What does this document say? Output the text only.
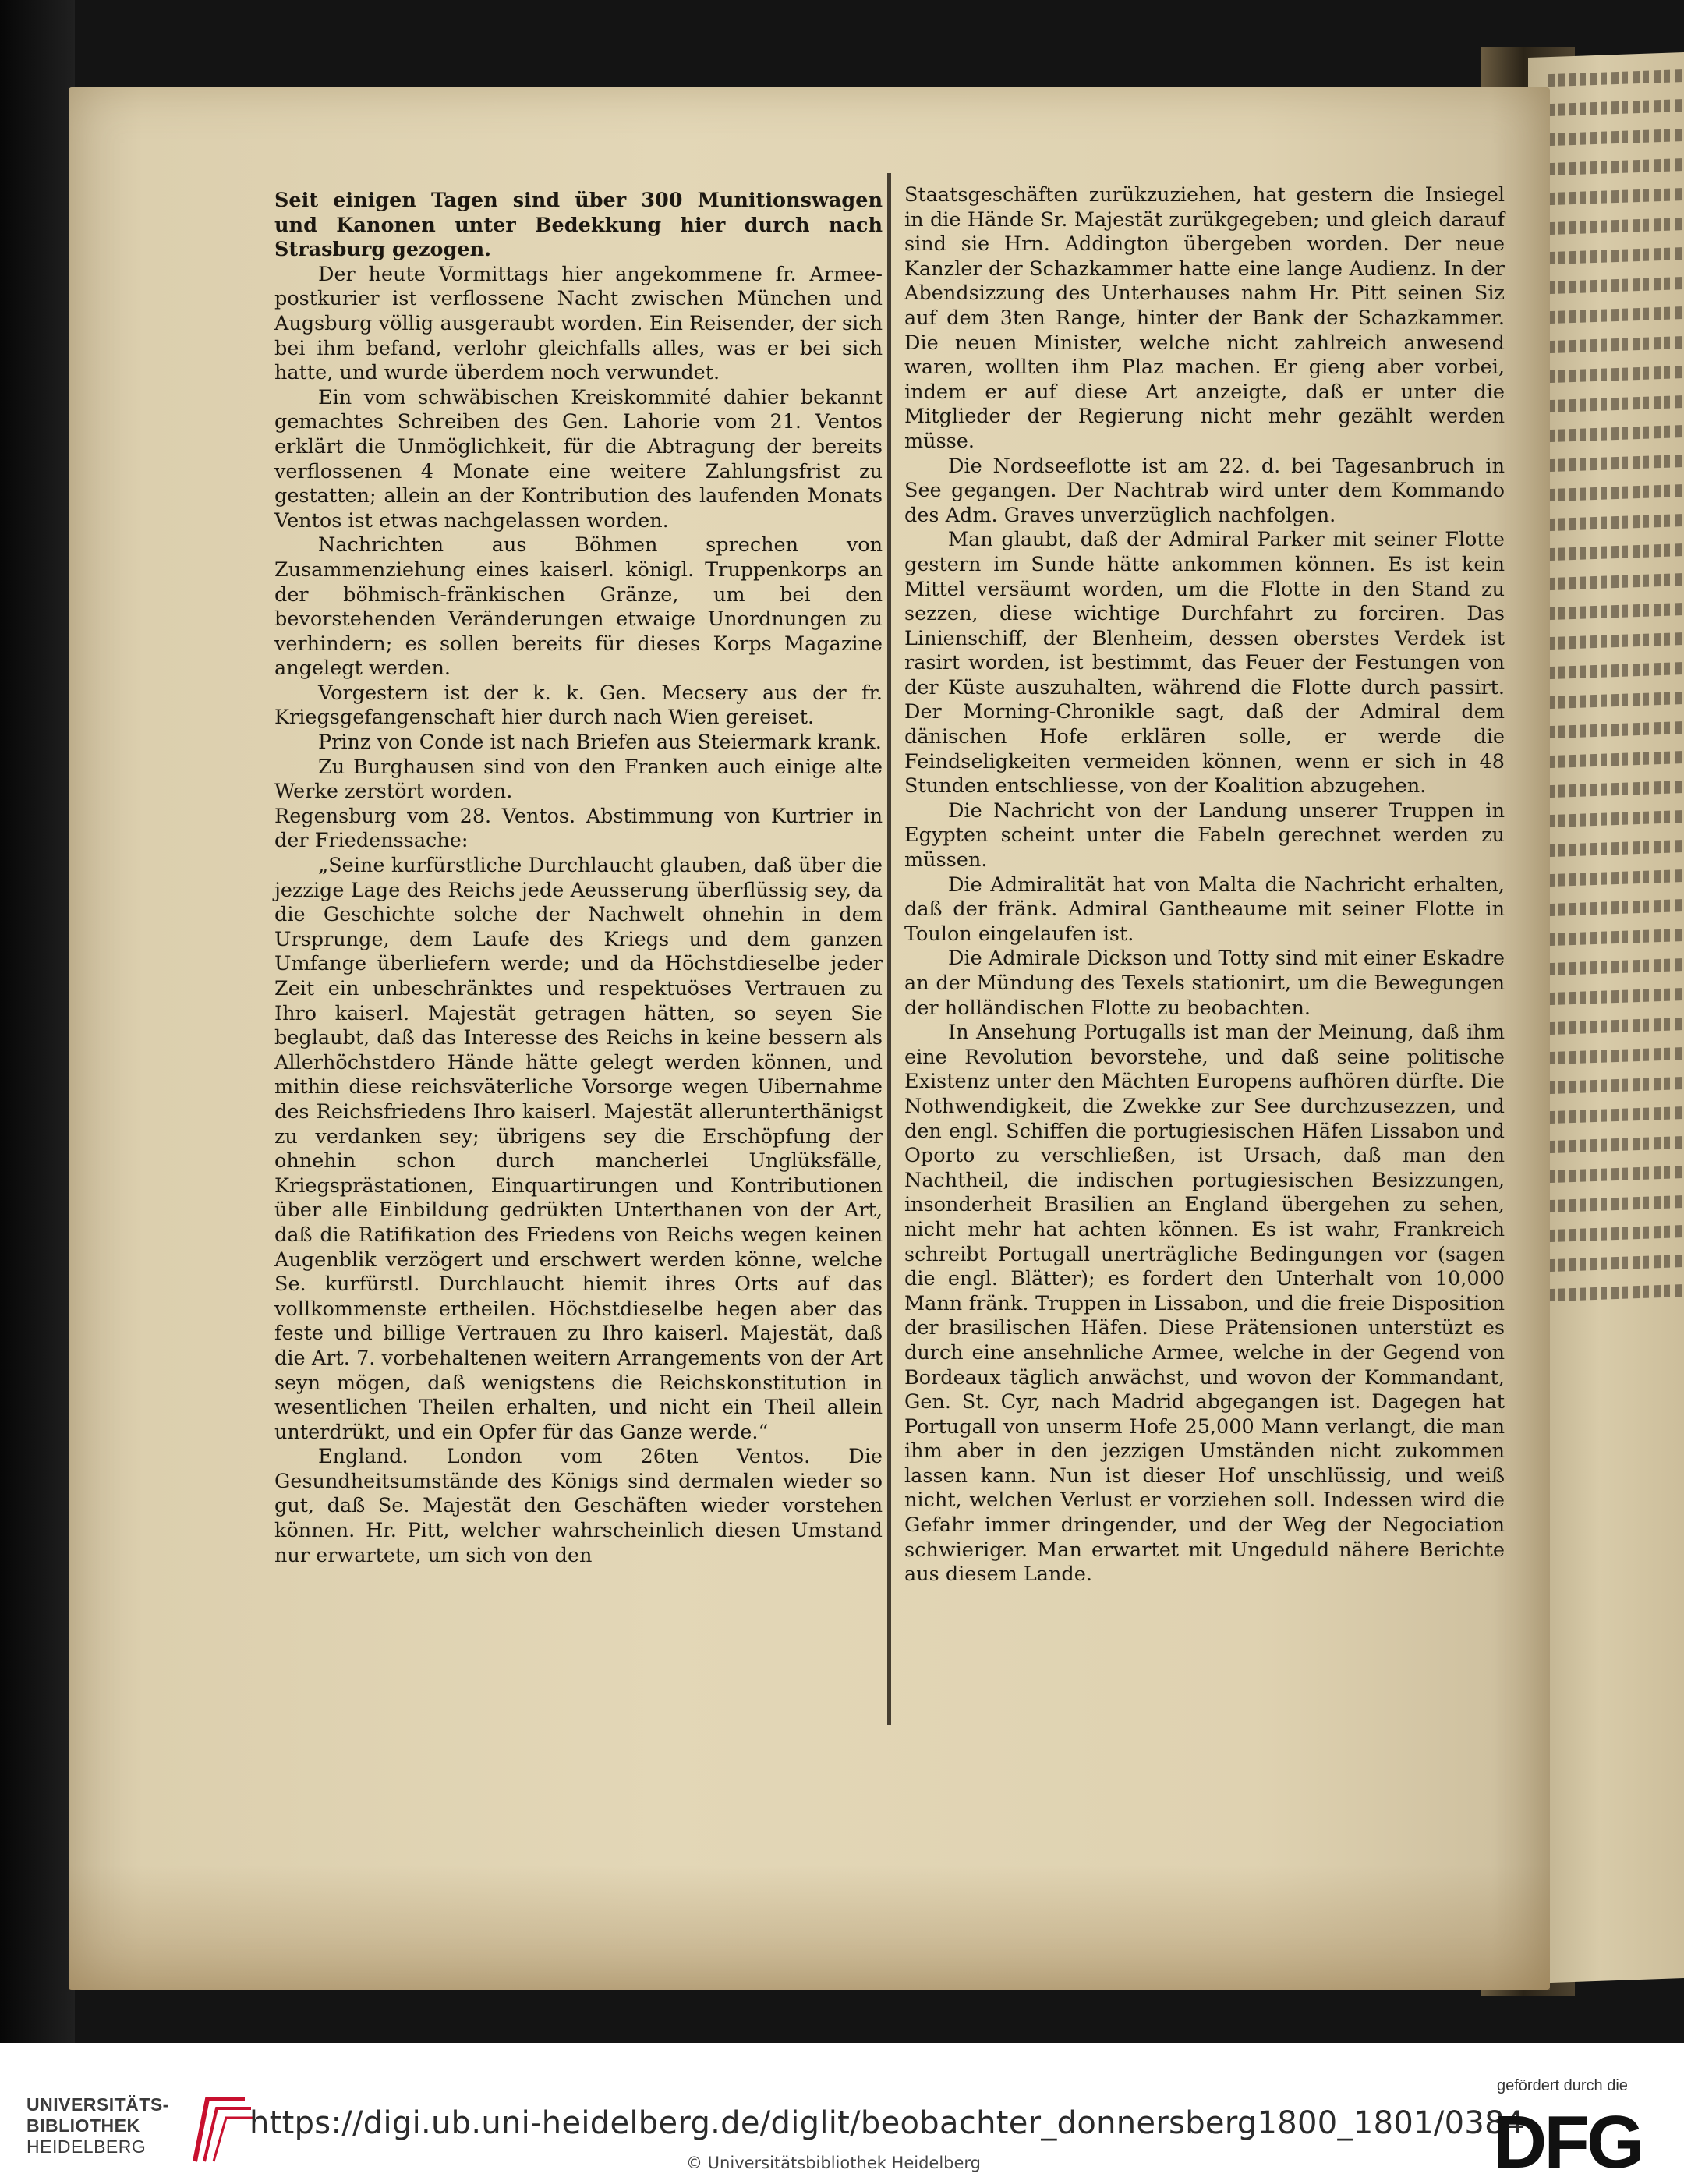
Seit einigen Tagen sind über 300 Munitionswagen und Kanonen unter Bedekkung hier durch nach Strasburg gezogen.

Der heute Vormittags hier angekommene fr. Armee-postkurier ist verflossene Nacht zwischen München und Augsburg völlig ausgeraubt worden. Ein Reisender, der sich bei ihm befand, verlohr gleichfalls alles, was er bei sich hatte, und wurde überdem noch verwundet.

Ein vom schwäbischen Kreiskommité dahier bekannt gemachtes Schreiben des Gen. Lahorie vom 21. Ventos erklärt die Unmöglichkeit, für die Abtragung der bereits verflossenen 4 Monate eine weitere Zahlungsfrist zu gestatten; allein an der Kontribution des laufenden Monats Ventos ist etwas nachgelassen worden.

Nachrichten aus Böhmen sprechen von Zusammenziehung eines kaiserl. königl. Truppenkorps an der böhmisch-fränkischen Gränze, um bei den bevorstehenden Veränderungen etwaige Unordnungen zu verhindern; es sollen bereits für dieses Korps Magazine angelegt werden.

Vorgestern ist der k. k. Gen. Mecsery aus der fr. Kriegsgefangenschaft hier durch nach Wien gereiset.

Prinz von Conde ist nach Briefen aus Steiermark krank.

Zu Burghausen sind von den Franken auch einige alte Werke zerstört worden.

Regensburg vom 28. Ventos. Abstimmung von Kurtrier in der Friedenssache:

„Seine kurfürstliche Durchlaucht glauben, daß über die jezzige Lage des Reichs jede Aeusserung überflüssig sey, da die Geschichte solche der Nachwelt ohnehin in dem Ursprunge, dem Laufe des Kriegs und dem ganzen Umfange überliefern werde; und da Höchstdieselbe jeder Zeit ein unbeschränktes und respektuöses Vertrauen zu Ihro kaiserl. Majestät getragen hätten, so seyen Sie beglaubt, daß das Interesse des Reichs in keine bessern als Allerhöchstdero Hände hätte gelegt werden können, und mithin diese reichsväterliche Vorsorge wegen Uibernahme des Reichsfriedens Ihro kaiserl. Majestät allerunterthänigst zu verdanken sey; übrigens sey die Erschöpfung der ohnehin schon durch mancherlei Unglüksfälle, Kriegsprästationen, Einquartirungen und Kontributionen über alle Einbildung gedrükten Unterthanen von der Art, daß die Ratifikation des Friedens von Reichs wegen keinen Augenblik verzögert und erschwert werden könne, welche Se. kurfürstl. Durchlaucht hiemit ihres Orts auf das vollkommenste ertheilen. Höchstdieselbe hegen aber das feste und billige Vertrauen zu Ihro kaiserl. Majestät, daß die Art. 7. vorbehaltenen weitern Arrangements von der Art seyn mögen, daß wenigstens die Reichskonstitution in wesentlichen Theilen erhalten, und nicht ein Theil allein unterdrükt, und ein Opfer für das Ganze werde.“

England. London vom 26ten Ventos. Die Gesundheitsumstände des Königs sind dermalen wieder so gut, daß Se. Majestät den Geschäften wieder vorstehen können. Hr. Pitt, welcher wahrscheinlich diesen Umstand nur erwartete, um sich von den

Staatsgeschäften zurükzuziehen, hat gestern die Insiegel in die Hände Sr. Majestät zurükgegeben; und gleich darauf sind sie Hrn. Addington übergeben worden. Der neue Kanzler der Schazkammer hatte eine lange Audienz. In der Abendsizzung des Unterhauses nahm Hr. Pitt seinen Siz auf dem 3ten Range, hinter der Bank der Schazkammer. Die neuen Minister, welche nicht zahlreich anwesend waren, wollten ihm Plaz machen. Er gieng aber vorbei, indem er auf diese Art anzeigte, daß er unter die Mitglieder der Regierung nicht mehr gezählt werden müsse.

Die Nordseeflotte ist am 22. d. bei Tagesanbruch in See gegangen. Der Nachtrab wird unter dem Kommando des Adm. Graves unverzüglich nachfolgen.

Man glaubt, daß der Admiral Parker mit seiner Flotte gestern im Sunde hätte ankommen können. Es ist kein Mittel versäumt worden, um die Flotte in den Stand zu sezzen, diese wichtige Durchfahrt zu forciren. Das Linienschiff, der Blenheim, dessen oberstes Verdek ist rasirt worden, ist bestimmt, das Feuer der Festungen von der Küste auszuhalten, während die Flotte durch passirt. Der Morning-Chronikle sagt, daß der Admiral dem dänischen Hofe erklären solle, er werde die Feindseligkeiten vermeiden können, wenn er sich in 48 Stunden entschliesse, von der Koalition abzugehen.

Die Nachricht von der Landung unserer Truppen in Egypten scheint unter die Fabeln gerechnet werden zu müssen.

Die Admiralität hat von Malta die Nachricht erhalten, daß der fränk. Admiral Gantheaume mit seiner Flotte in Toulon eingelaufen ist.

Die Admirale Dickson und Totty sind mit einer Eskadre an der Mündung des Texels stationirt, um die Bewegungen der holländischen Flotte zu beobachten.

In Ansehung Portugalls ist man der Meinung, daß ihm eine Revolution bevorstehe, und daß seine politische Existenz unter den Mächten Europens aufhören dürfte. Die Nothwendigkeit, die Zwekke zur See durchzusezzen, und den engl. Schiffen die portugiesischen Häfen Lissabon und Oporto zu verschließen, ist Ursach, daß man den Nachtheil, die indischen portugiesischen Besizzungen, insonderheit Brasilien an England übergehen zu sehen, nicht mehr hat achten können. Es ist wahr, Frankreich schreibt Portugall unerträgliche Bedingungen vor (sagen die engl. Blätter); es fordert den Unterhalt von 10,000 Mann fränk. Truppen in Lissabon, und die freie Disposition der brasilischen Häfen. Diese Prätensionen unterstüzt es durch eine ansehnliche Armee, welche in der Gegend von Bordeaux täglich anwächst, und wovon der Kommandant, Gen. St. Cyr, nach Madrid abgegangen ist. Dagegen hat Portugall von unserm Hofe 25,000 Mann verlangt, die man ihm aber in den jezzigen Umständen nicht zukommen lassen kann. Nun ist dieser Hof unschlüssig, und weiß nicht, welchen Verlust er vorziehen soll. Indessen wird die Gefahr immer dringender, und der Weg der Negociation schwieriger. Man erwartet mit Ungeduld nähere Berichte aus diesem Lande.

UNIVERSITÄTS-
BIBLIOTHEK
HEIDELBERG
https://digi.ub.uni-heidelberg.de/diglit/beobachter_donnersberg1800_1801/0384
© Universitätsbibliothek Heidelberg
gefördert durch die
DFG
